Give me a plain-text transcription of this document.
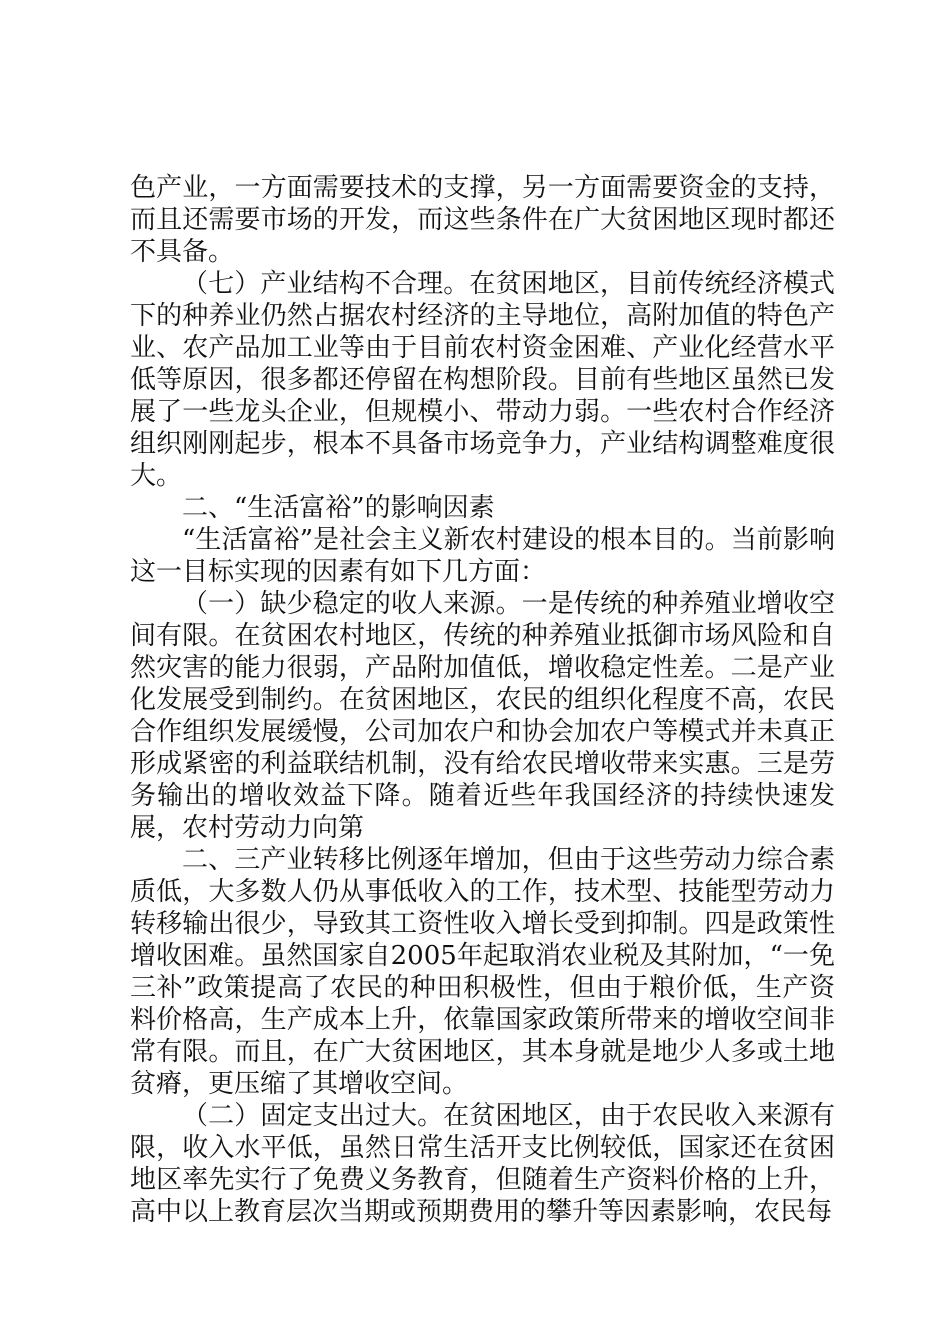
色产业，一方面需要技术的支撑，另一方面需要资金的支持，而且还需要市场的开发，而这些条件在广大贫困地区现时都还不具备。

（七）产业结构不合理。在贫困地区，目前传统经济模式下的种养业仍然占据农村经济的主导地位，高附加值的特色产业、农产品加工业等由于目前农村资金困难、产业化经营水平低等原因，很多都还停留在构想阶段。目前有些地区虽然已发展了一些龙头企业，但规模小、带动力弱。一些农村合作经济组织刚刚起步，根本不具备市场竞争力，产业结构调整难度很大。

二、“生活富裕”的影响因素

“生活富裕”是社会主义新农村建设的根本目的。当前影响这一目标实现的因素有如下几方面：

（一）缺少稳定的收人来源。一是传统的种养殖业增收空间有限。在贫困农村地区，传统的种养殖业抵御市场风险和自然灾害的能力很弱，产品附加值低，增收稳定性差。二是产业化发展受到制约。在贫困地区，农民的组织化程度不高，农民合作组织发展缓慢，公司加农户和协会加农户等模式并未真正形成紧密的利益联结机制，没有给农民增收带来实惠。三是劳务输出的增收效益下降。随着近些年我国经济的持续快速发展，农村劳动力向第

二、三产业转移比例逐年增加，但由于这些劳动力综合素质低，大多数人仍从事低收入的工作，技术型、技能型劳动力转移输出很少，导致其工资性收入增长受到抑制。四是政策性增收困难。虽然国家自2005年起取消农业税及其附加，“一免三补”政策提高了农民的种田积极性，但由于粮价低，生产资料价格高，生产成本上升，依靠国家政策所带来的增收空间非常有限。而且，在广大贫困地区，其本身就是地少人多或土地贫瘠，更压缩了其增收空间。

（二）固定支出过大。在贫困地区，由于农民收入来源有限，收入水平低，虽然日常生活开支比例较低，国家还在贫困地区率先实行了免费义务教育，但随着生产资料价格的上升，高中以上教育层次当期或预期费用的攀升等因素影响，农民每
